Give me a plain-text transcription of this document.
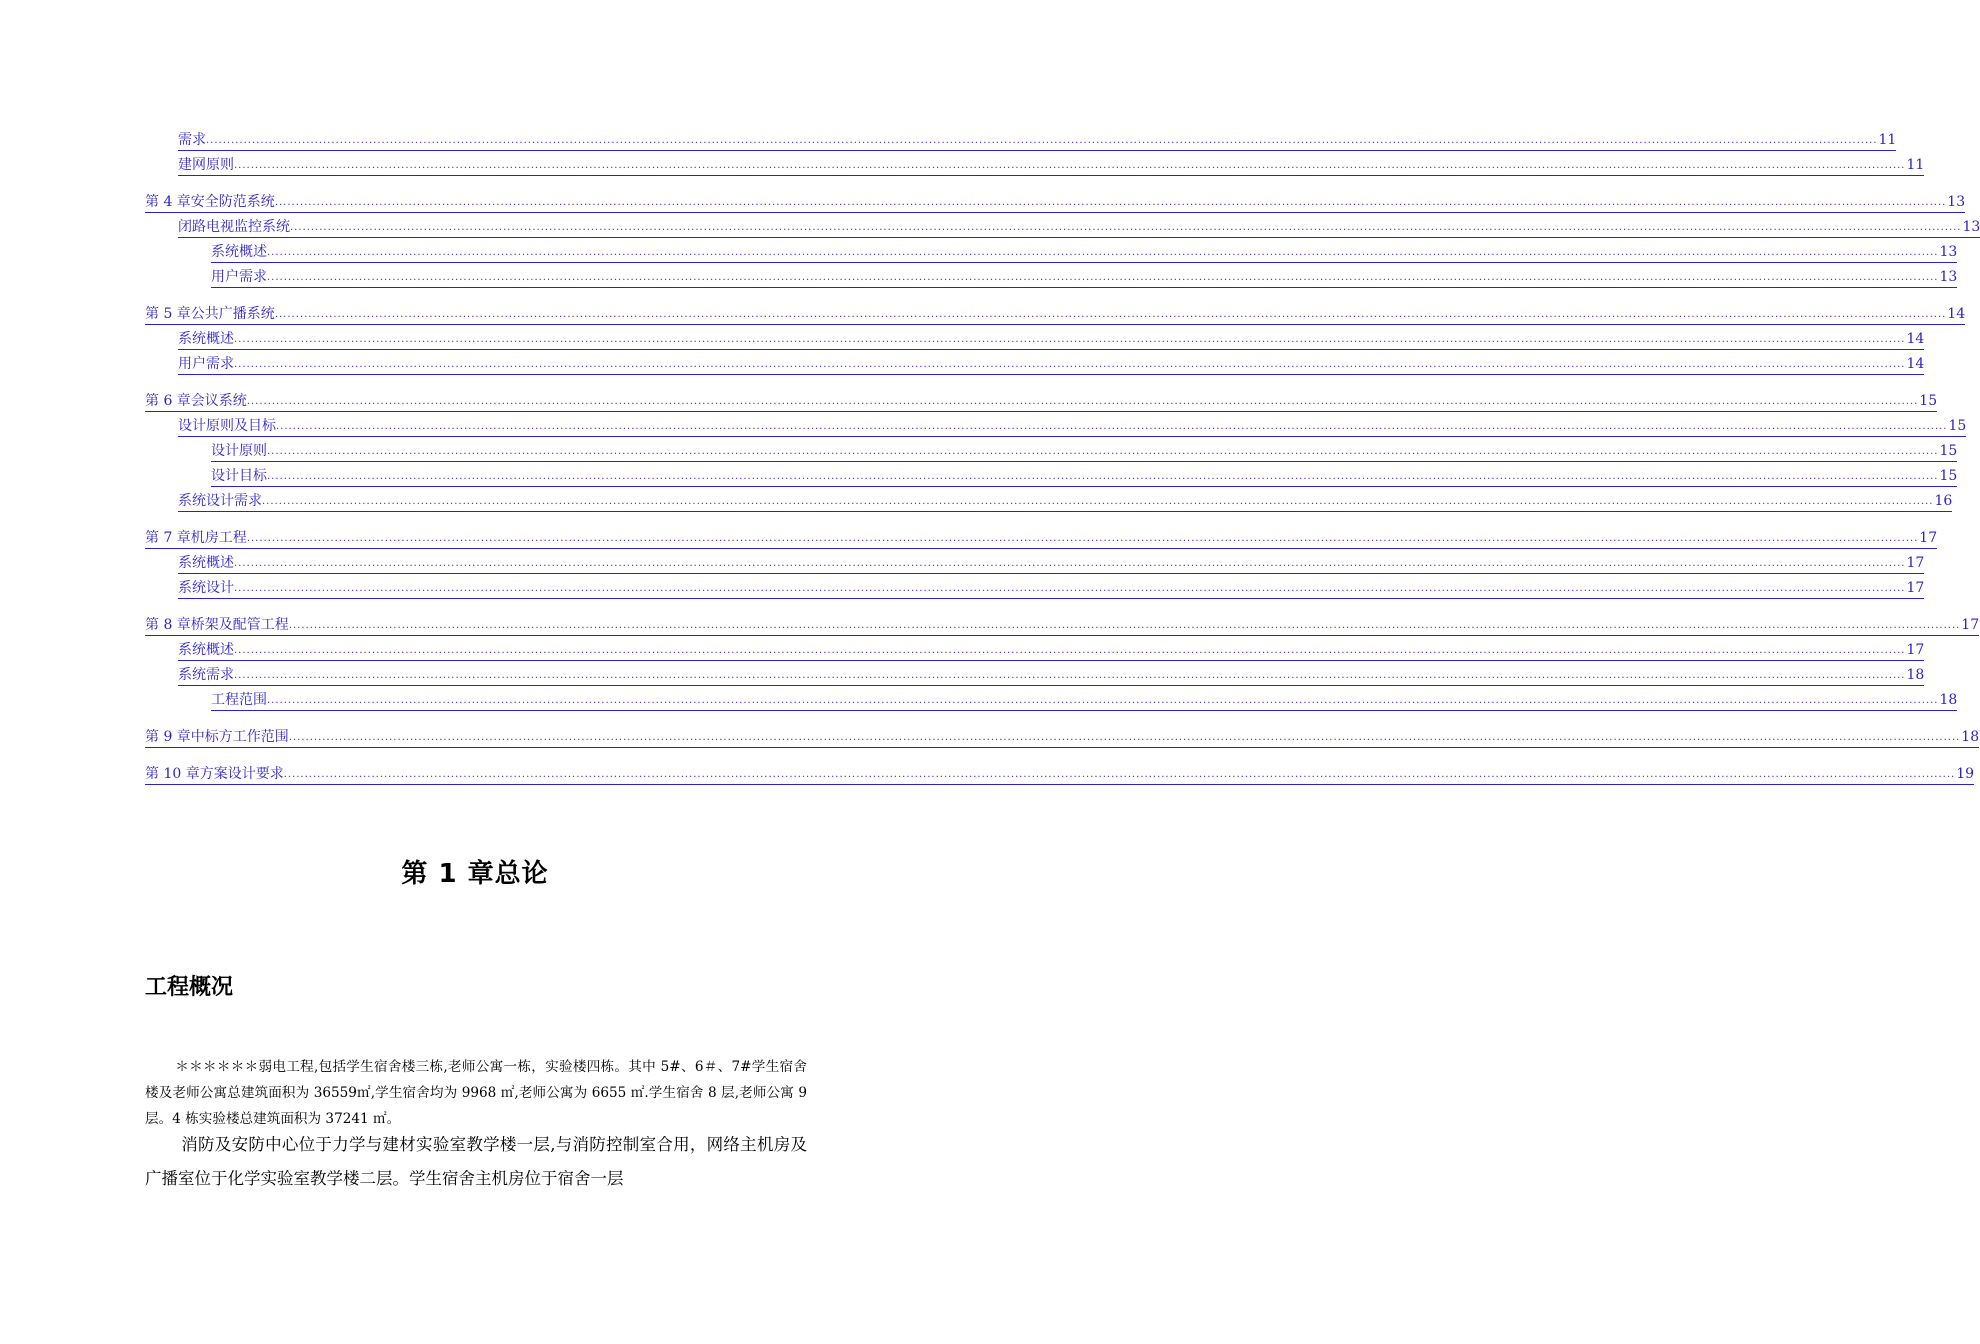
需求 ................................................................................................................................................................................................................................................................................................................................................................................................................ 11
建网原则 ................................................................................................................................................................................................................................................................................................................................................................................................................ 11
第 4 章安全防范系统 ................................................................................................................................................................................................................................................................................................................................................................................................................ 13
闭路电视监控系统 ................................................................................................................................................................................................................................................................................................................................................................................................................ 13
系统概述 ................................................................................................................................................................................................................................................................................................................................................................................................................ 13
用户需求 ................................................................................................................................................................................................................................................................................................................................................................................................................ 13
第 5 章公共广播系统 ................................................................................................................................................................................................................................................................................................................................................................................................................ 14
系统概述 ................................................................................................................................................................................................................................................................................................................................................................................................................ 14
用户需求 ................................................................................................................................................................................................................................................................................................................................................................................................................ 14
第 6 章会议系统 ................................................................................................................................................................................................................................................................................................................................................................................................................ 15
设计原则及目标 ................................................................................................................................................................................................................................................................................................................................................................................................................ 15
设计原则 ................................................................................................................................................................................................................................................................................................................................................................................................................ 15
设计目标 ................................................................................................................................................................................................................................................................................................................................................................................................................ 15
系统设计需求 ................................................................................................................................................................................................................................................................................................................................................................................................................ 16
第 7 章机房工程 ................................................................................................................................................................................................................................................................................................................................................................................................................ 17
系统概述 ................................................................................................................................................................................................................................................................................................................................................................................................................ 17
系统设计 ................................................................................................................................................................................................................................................................................................................................................................................................................ 17
第 8 章桥架及配管工程 ................................................................................................................................................................................................................................................................................................................................................................................................................ 17
系统概述 ................................................................................................................................................................................................................................................................................................................................................................................................................ 17
系统需求 ................................................................................................................................................................................................................................................................................................................................................................................................................ 18
工程范围 ................................................................................................................................................................................................................................................................................................................................................................................................................ 18
第 9 章中标方工作范围 ................................................................................................................................................................................................................................................................................................................................................................................................................ 18
第 10 章方案设计要求 ................................................................................................................................................................................................................................................................................................................................................................................................................ 19
第 1 章总论
工程概况
＊＊＊＊＊＊弱电工程,包括学生宿舍楼三栋,老师公寓一栋，实验楼四栋。其中 5#、6＃、7#学生宿舍楼及老师公寓总建筑面积为 36559㎡,学生宿舍均为 9968 ㎡,老师公寓为 6655 ㎡.学生宿舍 8 层,老师公寓 9 层。4 栋实验楼总建筑面积为 37241 ㎡。
消防及安防中心位于力学与建材实验室教学楼一层,与消防控制室合用，网络主机房及广播室位于化学实验室教学楼二层。学生宿舍主机房位于宿舍一层
